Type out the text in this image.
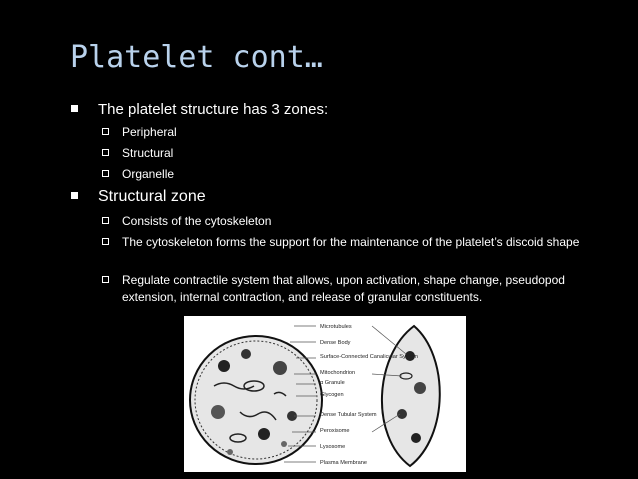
Platelet cont…
The platelet structure has 3 zones:
Peripheral
Structural
Organelle
Structural zone
Consists of the cytoskeleton
The cytoskeleton forms the support for the maintenance of the platelet’s discoid shape
Regulate contractile system that allows, upon activation, shape change, pseudopod extension, internal contraction, and release of granular constituents.
Microtubules
Dense Body
Surface-Connected Canalicular System
Mitochondrion
α Granule
Glycogen
Dense Tubular System
Peroxisome
Lysosome
Plasma Membrane
